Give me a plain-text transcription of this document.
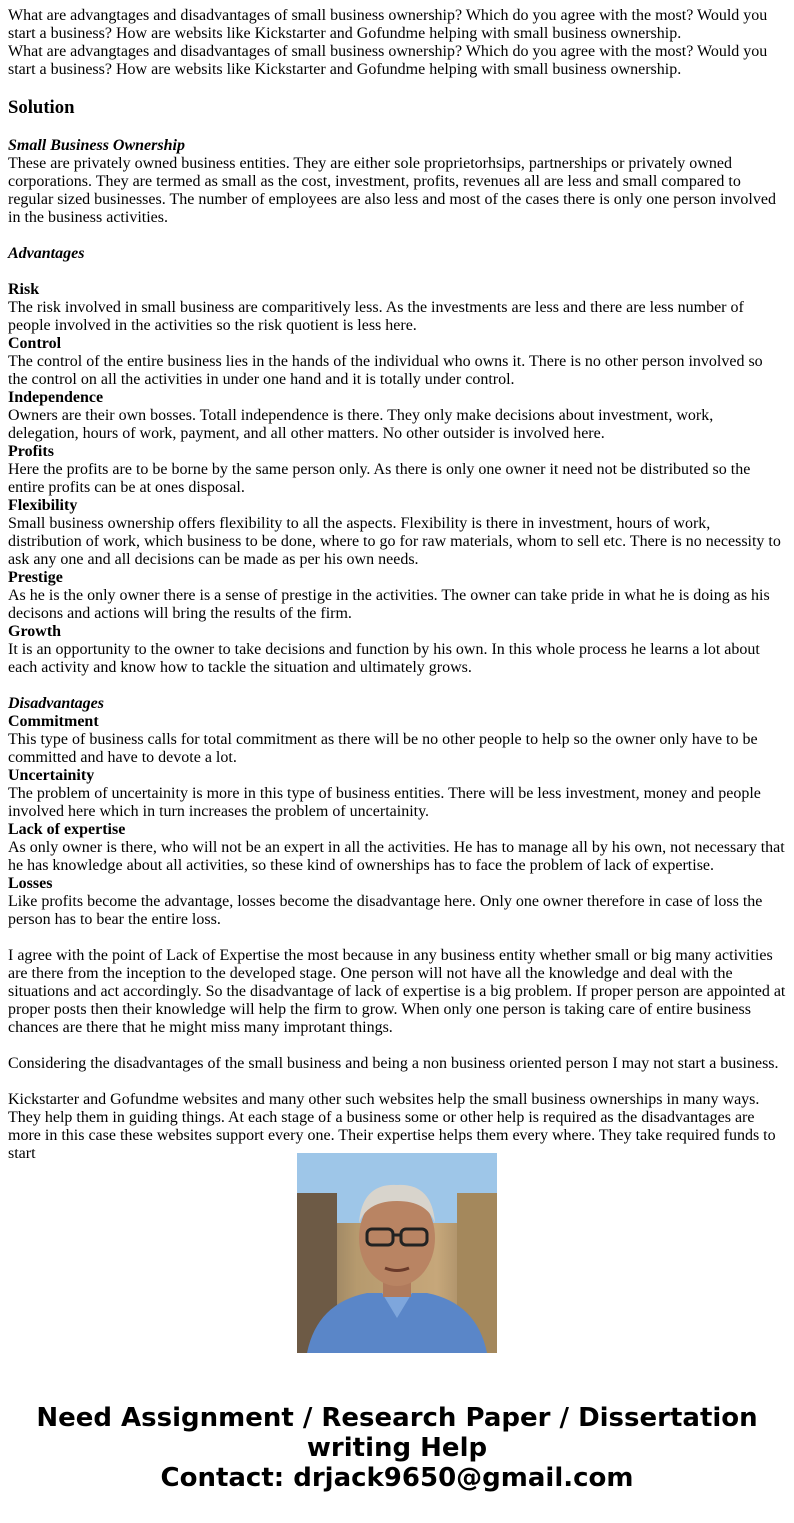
What are advangtages and disadvantages of small business ownership? Which do you agree with the most? Would you start a business? How are websits like Kickstarter and Gofundme helping with small business ownership.
What are advangtages and disadvantages of small business ownership? Which do you agree with the most? Would you start a business? How are websits like Kickstarter and Gofundme helping with small business ownership.
Solution
Small Business Ownership
These are privately owned business entities. They are either sole proprietorhsips, partnerships or privately owned corporations. They are termed as small as the cost, investment, profits, revenues all are less and small compared to regular sized businesses. The number of employees are also less and most of the cases there is only one person involved in the business activities.

Advantages

Risk
The risk involved in small business are comparitively less. As the investments are less and there are less number of people involved in the activities so the risk quotient is less here.
Control
The control of the entire business lies in the hands of the individual who owns it. There is no other person involved so the control on all the activities in under one hand and it is totally under control.
Independence
Owners are their own bosses. Totall independence is there. They only make decisions about investment, work, delegation, hours of work, payment, and all other matters. No other outsider is involved here.
Profits
Here the profits are to be borne by the same person only. As there is only one owner it need not be distributed so the entire profits can be at ones disposal.
Flexibility
Small business ownership offers flexibility to all the aspects. Flexibility is there in investment, hours of work, distribution of work, which business to be done, where to go for raw materials, whom to sell etc. There is no necessity to ask any one and all decisions can be made as per his own needs.
Prestige
As he is the only owner there is a sense of prestige in the activities. The owner can take pride in what he is doing as his decisons and actions will bring the results of the firm.
Growth
It is an opportunity to the owner to take decisions and function by his own. In this whole process he learns a lot about each activity and know how to tackle the situation and ultimately grows.

Disadvantages
Commitment
This type of business calls for total commitment as there will be no other people to help so the owner only have to be committed and have to devote a lot.
Uncertainity
The problem of uncertainity is more in this type of business entities. There will be less investment, money and people involved here which in turn increases the problem of uncertainity.
Lack of expertise
As only owner is there, who will not be an expert in all the activities. He has to manage all by his own, not necessary that he has knowledge about all activities, so these kind of ownerships has to face the problem of lack of expertise.
Losses
Like profits become the advantage, losses become the disadvantage here. Only one owner therefore in case of loss the person has to bear the entire loss.

I agree with the point of Lack of Expertise the most because in any business entity whether small or big many activities are there from the inception to the developed stage. One person will not have all the knowledge and deal with the situations and act accordingly. So the disadvantage of lack of expertise is a big problem. If proper person are appointed at proper posts then their knowledge will help the firm to grow. When only one person is taking care of entire business chances are there that he might miss many improtant things.

Considering the disadvantages of the small business and being a non business oriented person I may not start a business.

Kickstarter and Gofundme websites and many other such websites help the small business ownerships in many ways. They help them in guiding things. At each stage of a business some or other help is required as the disadvantages are more in this case these websites support every one. Their expertise helps them every where. They take required funds to start
Need Assignment / Research Paper / Dissertation writing Help
Contact: drjack9650@gmail.com
